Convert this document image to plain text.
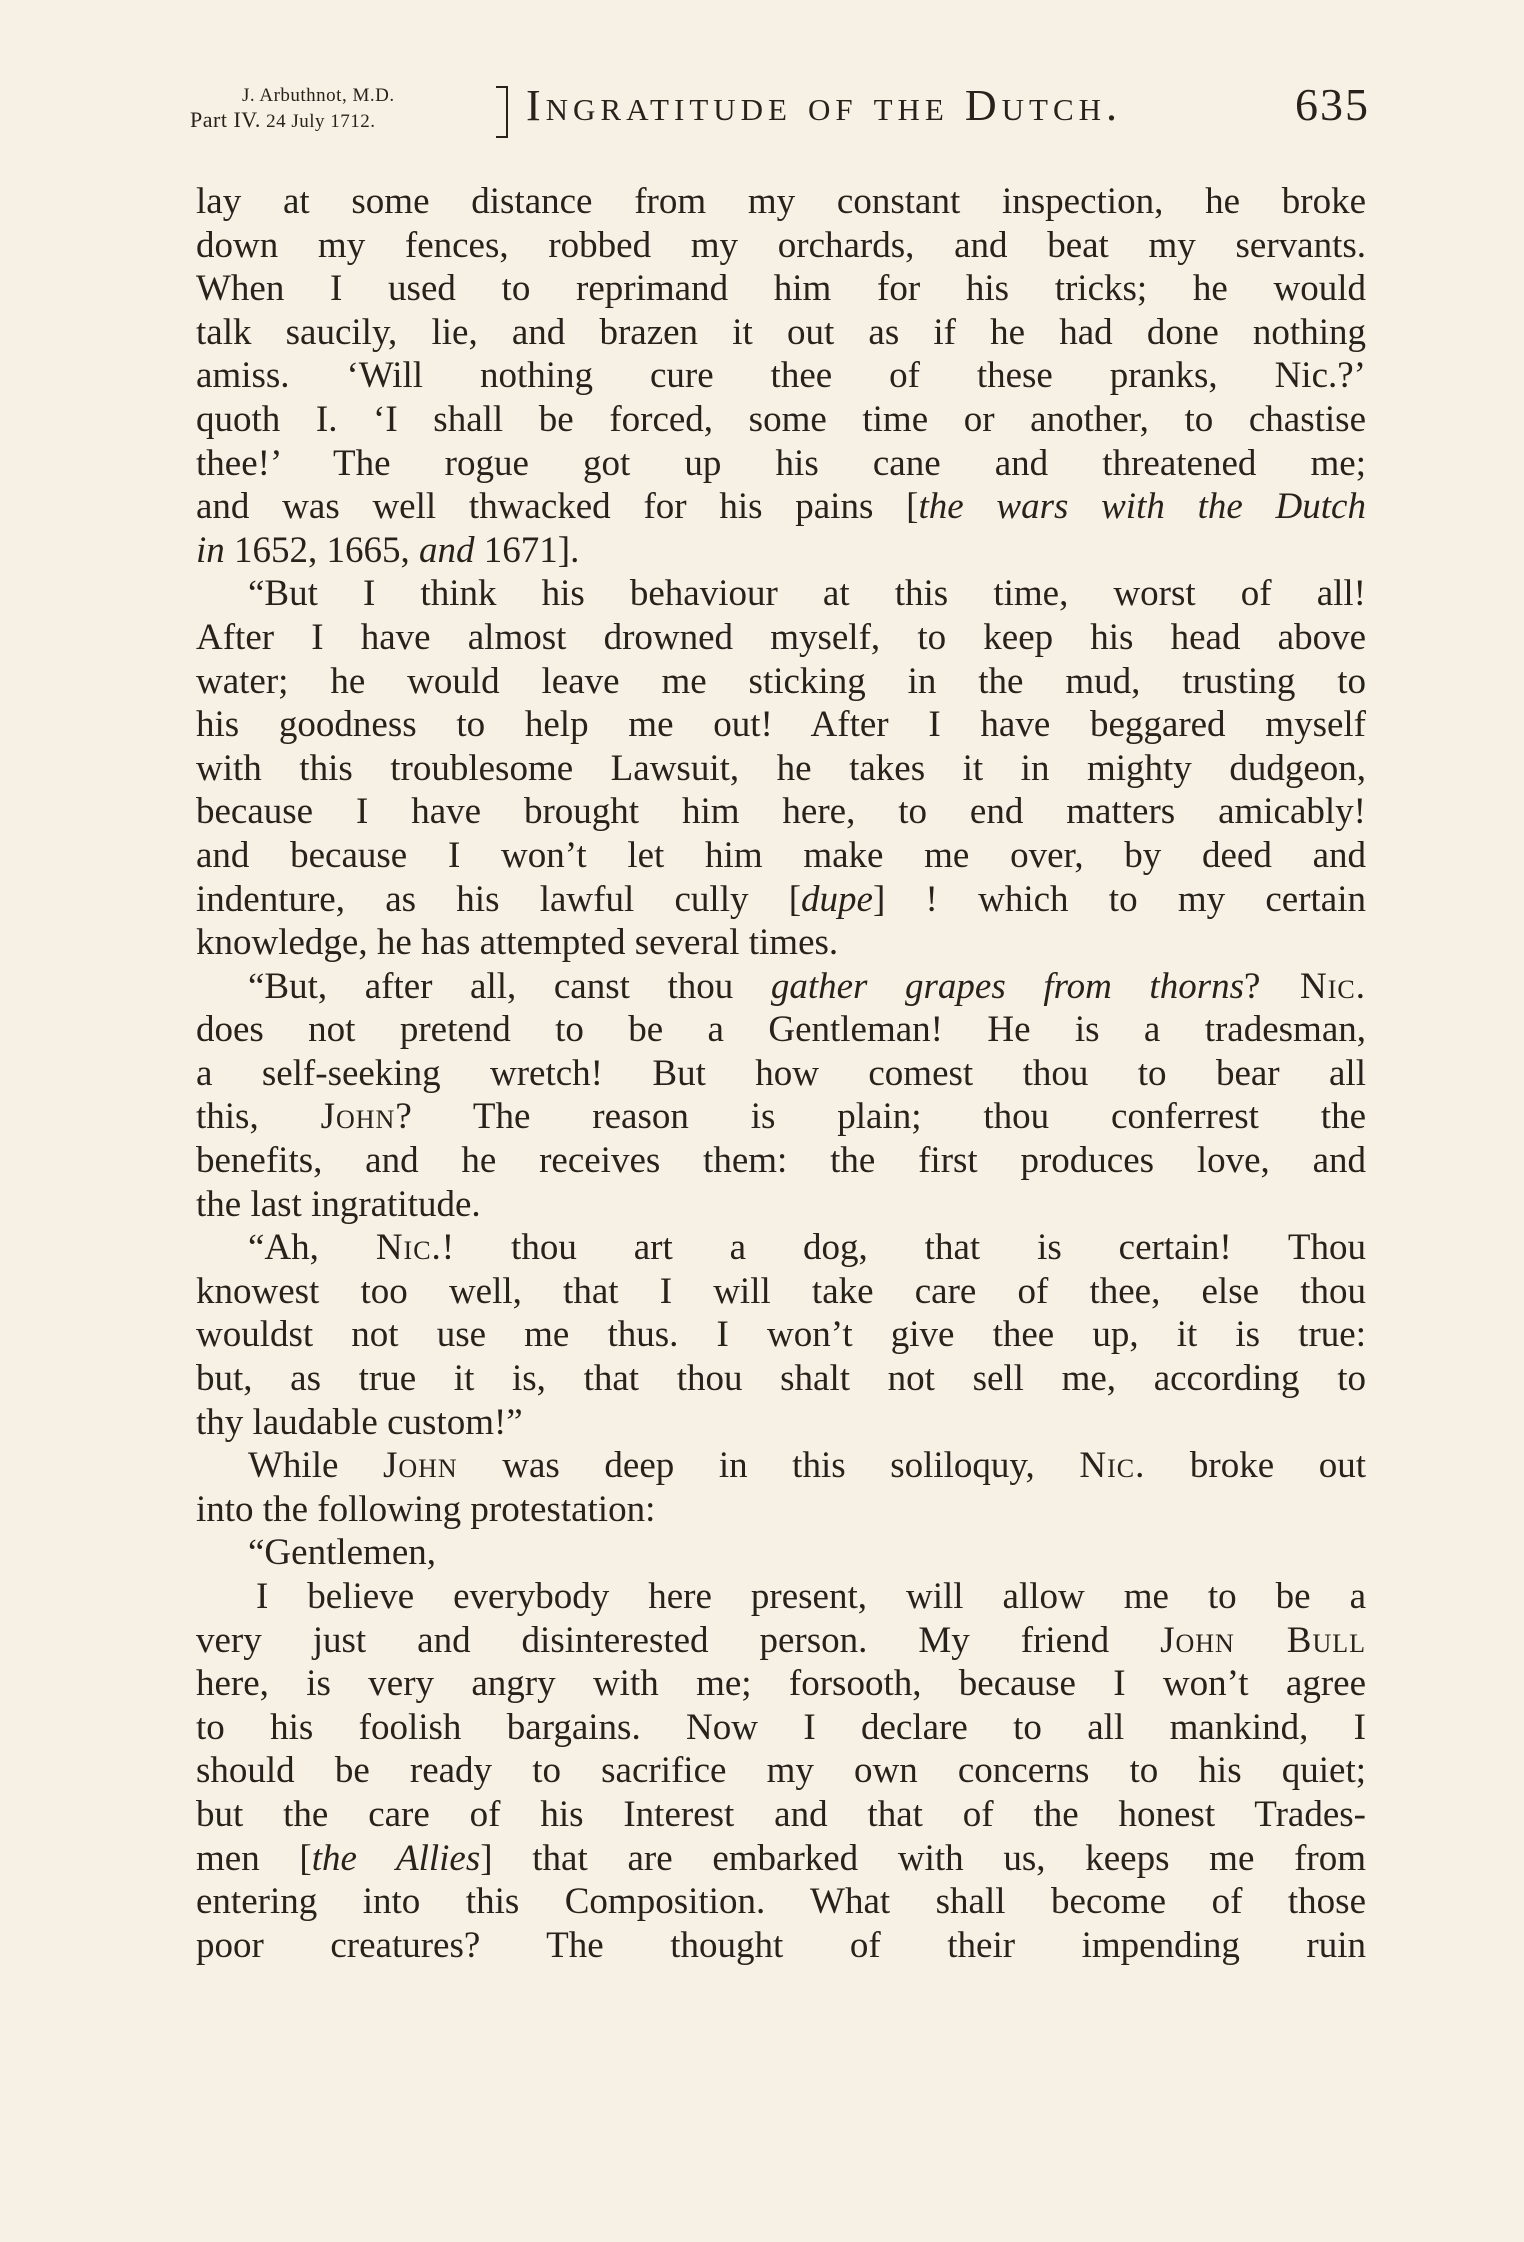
J. Arbuthnot, M.D.
Part IV. 24 July 1712.	Ingratitude of the Dutch.	635
lay at some distance from my constant inspection, he broke
down my fences, robbed my orchards, and beat my servants.
When I used to reprimand him for his tricks; he would
talk saucily, lie, and brazen it out as if he had done nothing
amiss. ‘Will nothing cure thee of these pranks, Nic.?’
quoth I. ‘I shall be forced, some time or another, to chastise
thee!’ The rogue got up his cane and threatened me;
and was well thwacked for his pains [the wars with the Dutch
in 1652, 1665, and 1671].
“But I think his behaviour at this time, worst of all!
After I have almost drowned myself, to keep his head above
water; he would leave me sticking in the mud, trusting to
his goodness to help me out! After I have beggared myself
with this troublesome Lawsuit, he takes it in mighty dudgeon,
because I have brought him here, to end matters amicably!
and because I won’t let him make me over, by deed and
indenture, as his lawful cully [dupe] ! which to my certain
knowledge, he has attempted several times.
“But, after all, canst thou gather grapes from thorns? Nic.
does not pretend to be a Gentleman! He is a tradesman,
a self-seeking wretch! But how comest thou to bear all
this, John? The reason is plain; thou conferrest the
benefits, and he receives them: the first produces love, and
the last ingratitude.
“Ah, Nic.! thou art a dog, that is certain! Thou
knowest too well, that I will take care of thee, else thou
wouldst not use me thus. I won’t give thee up, it is true:
but, as true it is, that thou shalt not sell me, according to
thy laudable custom!”
While John was deep in this soliloquy, Nic. broke out
into the following protestation:
“Gentlemen,
I believe everybody here present, will allow me to be a
very just and disinterested person. My friend John Bull
here, is very angry with me; forsooth, because I won’t agree
to his foolish bargains. Now I declare to all mankind, I
should be ready to sacrifice my own concerns to his quiet;
but the care of his Interest and that of the honest Trades-
men [the Allies] that are embarked with us, keeps me from
entering into this Composition. What shall become of those
poor creatures? The thought of their impending ruin
